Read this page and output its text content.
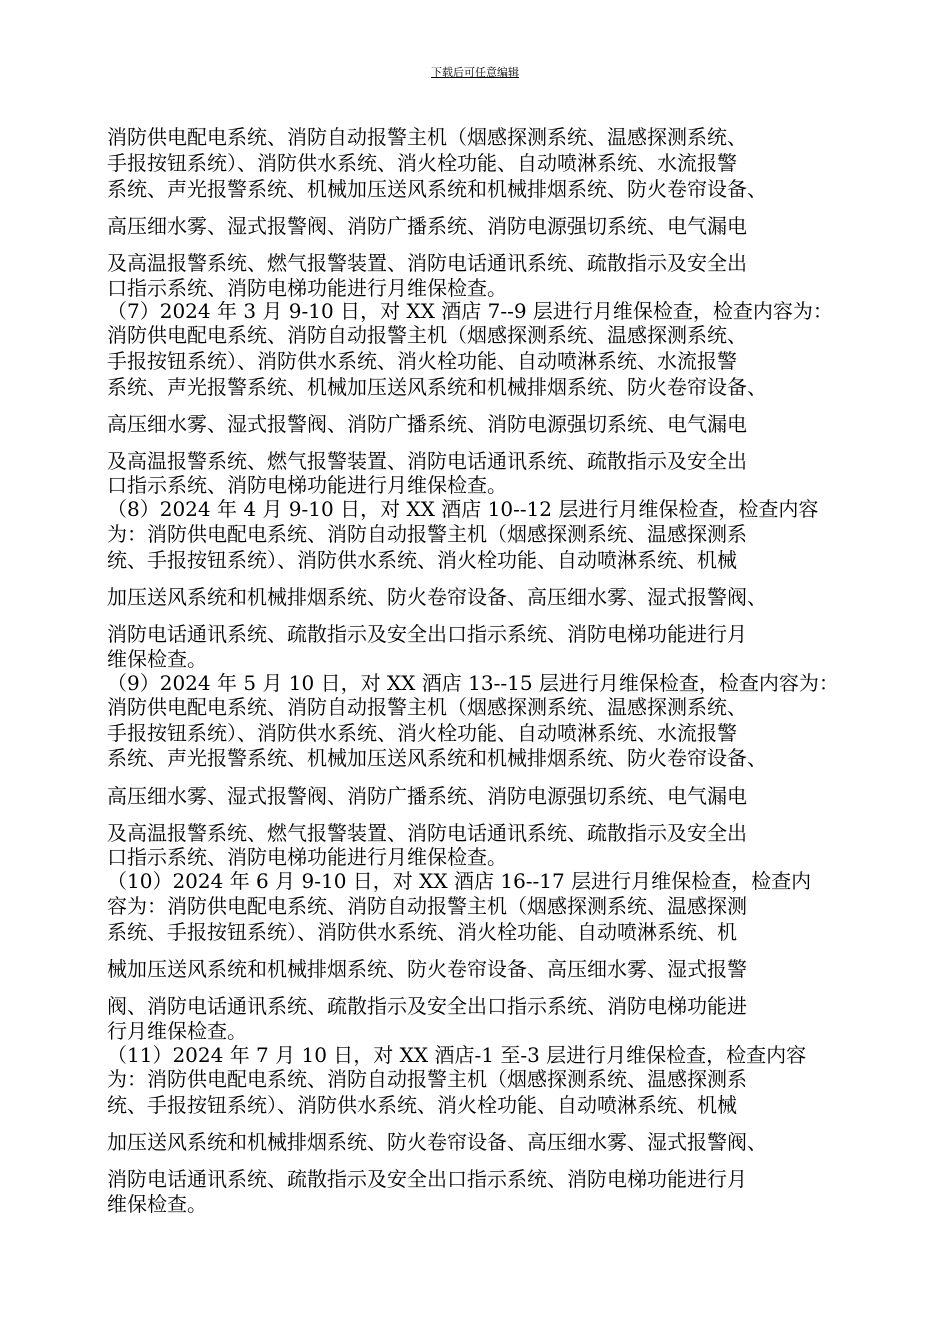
下载后可任意编辑
消防供电配电系统、消防自动报警主机（烟感探测系统、温感探测系统、
手报按钮系统）、消防供水系统、消火栓功能、自动喷淋系统、水流报警
系统、声光报警系统、机械加压送风系统和机械排烟系统、防火卷帘设备、
高压细水雾、湿式报警阀、消防广播系统、消防电源强切系统、电气漏电
及高温报警系统、燃气报警装置、消防电话通讯系统、疏散指示及安全出
口指示系统、消防电梯功能进行月维保检查。
（7）2024 年 3 月 9-10 日，对 XX 酒店 7--9 层进行月维保检查，检查内容为：
消防供电配电系统、消防自动报警主机（烟感探测系统、温感探测系统、
手报按钮系统）、消防供水系统、消火栓功能、自动喷淋系统、水流报警
系统、声光报警系统、机械加压送风系统和机械排烟系统、防火卷帘设备、
高压细水雾、湿式报警阀、消防广播系统、消防电源强切系统、电气漏电
及高温报警系统、燃气报警装置、消防电话通讯系统、疏散指示及安全出
口指示系统、消防电梯功能进行月维保检查。
（8）2024 年 4 月 9-10 日，对 XX 酒店 10--12 层进行月维保检查，检查内容
为：消防供电配电系统、消防自动报警主机（烟感探测系统、温感探测系
统、手报按钮系统）、消防供水系统、消火栓功能、自动喷淋系统、机械
加压送风系统和机械排烟系统、防火卷帘设备、高压细水雾、湿式报警阀、
消防电话通讯系统、疏散指示及安全出口指示系统、消防电梯功能进行月
维保检查。
（9）2024 年 5 月 10 日，对 XX 酒店 13--15 层进行月维保检查，检查内容为：
消防供电配电系统、消防自动报警主机（烟感探测系统、温感探测系统、
手报按钮系统）、消防供水系统、消火栓功能、自动喷淋系统、水流报警
系统、声光报警系统、机械加压送风系统和机械排烟系统、防火卷帘设备、
高压细水雾、湿式报警阀、消防广播系统、消防电源强切系统、电气漏电
及高温报警系统、燃气报警装置、消防电话通讯系统、疏散指示及安全出
口指示系统、消防电梯功能进行月维保检查。
（10）2024 年 6 月 9-10 日，对 XX 酒店 16--17 层进行月维保检查，检查内
容为：消防供电配电系统、消防自动报警主机（烟感探测系统、温感探测
系统、手报按钮系统）、消防供水系统、消火栓功能、自动喷淋系统、机
械加压送风系统和机械排烟系统、防火卷帘设备、高压细水雾、湿式报警
阀、消防电话通讯系统、疏散指示及安全出口指示系统、消防电梯功能进
行月维保检查。
（11）2024 年 7 月 10 日，对 XX 酒店-1 至-3 层进行月维保检查，检查内容
为：消防供电配电系统、消防自动报警主机（烟感探测系统、温感探测系
统、手报按钮系统）、消防供水系统、消火栓功能、自动喷淋系统、机械
加压送风系统和机械排烟系统、防火卷帘设备、高压细水雾、湿式报警阀、
消防电话通讯系统、疏散指示及安全出口指示系统、消防电梯功能进行月
维保检查。
